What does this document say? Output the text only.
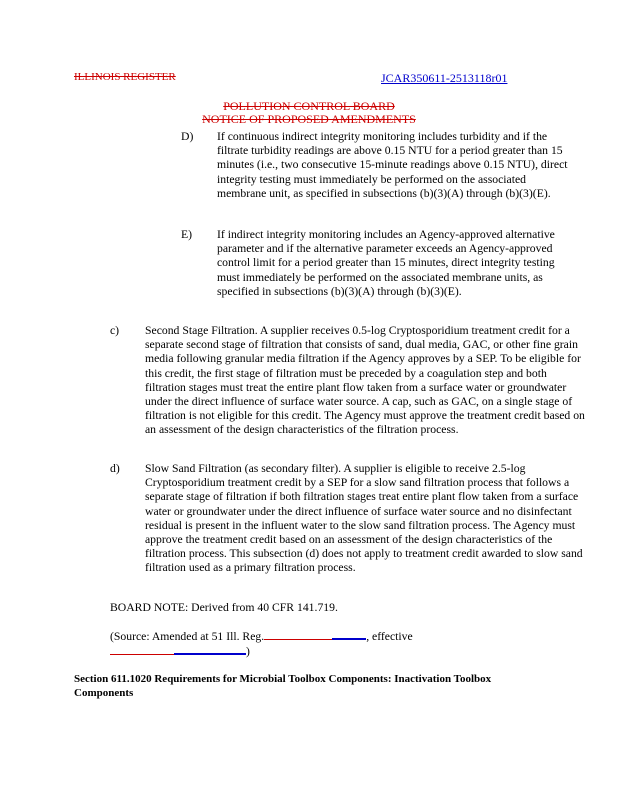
ILLINOIS REGISTER	JCAR350611-2513118r01
POLLUTION CONTROL BOARD
NOTICE OF PROPOSED AMENDMENTS
D) If continuous indirect integrity monitoring includes turbidity and if the filtrate turbidity readings are above 0.15 NTU for a period greater than 15 minutes (i.e., two consecutive 15-minute readings above 0.15 NTU), direct integrity testing must immediately be performed on the associated membrane unit, as specified in subsections (b)(3)(A) through (b)(3)(E).
E) If indirect integrity monitoring includes an Agency-approved alternative parameter and if the alternative parameter exceeds an Agency-approved control limit for a period greater than 15 minutes, direct integrity testing must immediately be performed on the associated membrane units, as specified in subsections (b)(3)(A) through (b)(3)(E).
c) Second Stage Filtration. A supplier receives 0.5-log Cryptosporidium treatment credit for a separate second stage of filtration that consists of sand, dual media, GAC, or other fine grain media following granular media filtration if the Agency approves by a SEP. To be eligible for this credit, the first stage of filtration must be preceded by a coagulation step and both filtration stages must treat the entire plant flow taken from a surface water or groundwater under the direct influence of surface water source. A cap, such as GAC, on a single stage of filtration is not eligible for this credit. The Agency must approve the treatment credit based on an assessment of the design characteristics of the filtration process.
d) Slow Sand Filtration (as secondary filter). A supplier is eligible to receive 2.5-log Cryptosporidium treatment credit by a SEP for a slow sand filtration process that follows a separate stage of filtration if both filtration stages treat entire plant flow taken from a surface water or groundwater under the direct influence of surface water source and no disinfectant residual is present in the influent water to the slow sand filtration process. The Agency must approve the treatment credit based on an assessment of the design characteristics of the filtration process. This subsection (d) does not apply to treatment credit awarded to slow sand filtration used as a primary filtration process.
BOARD NOTE: Derived from 40 CFR 141.719.
(Source: Amended at 51 Ill. Reg.	, effective
)
Section 611.1020 Requirements for Microbial Toolbox Components: Inactivation Toolbox Components
